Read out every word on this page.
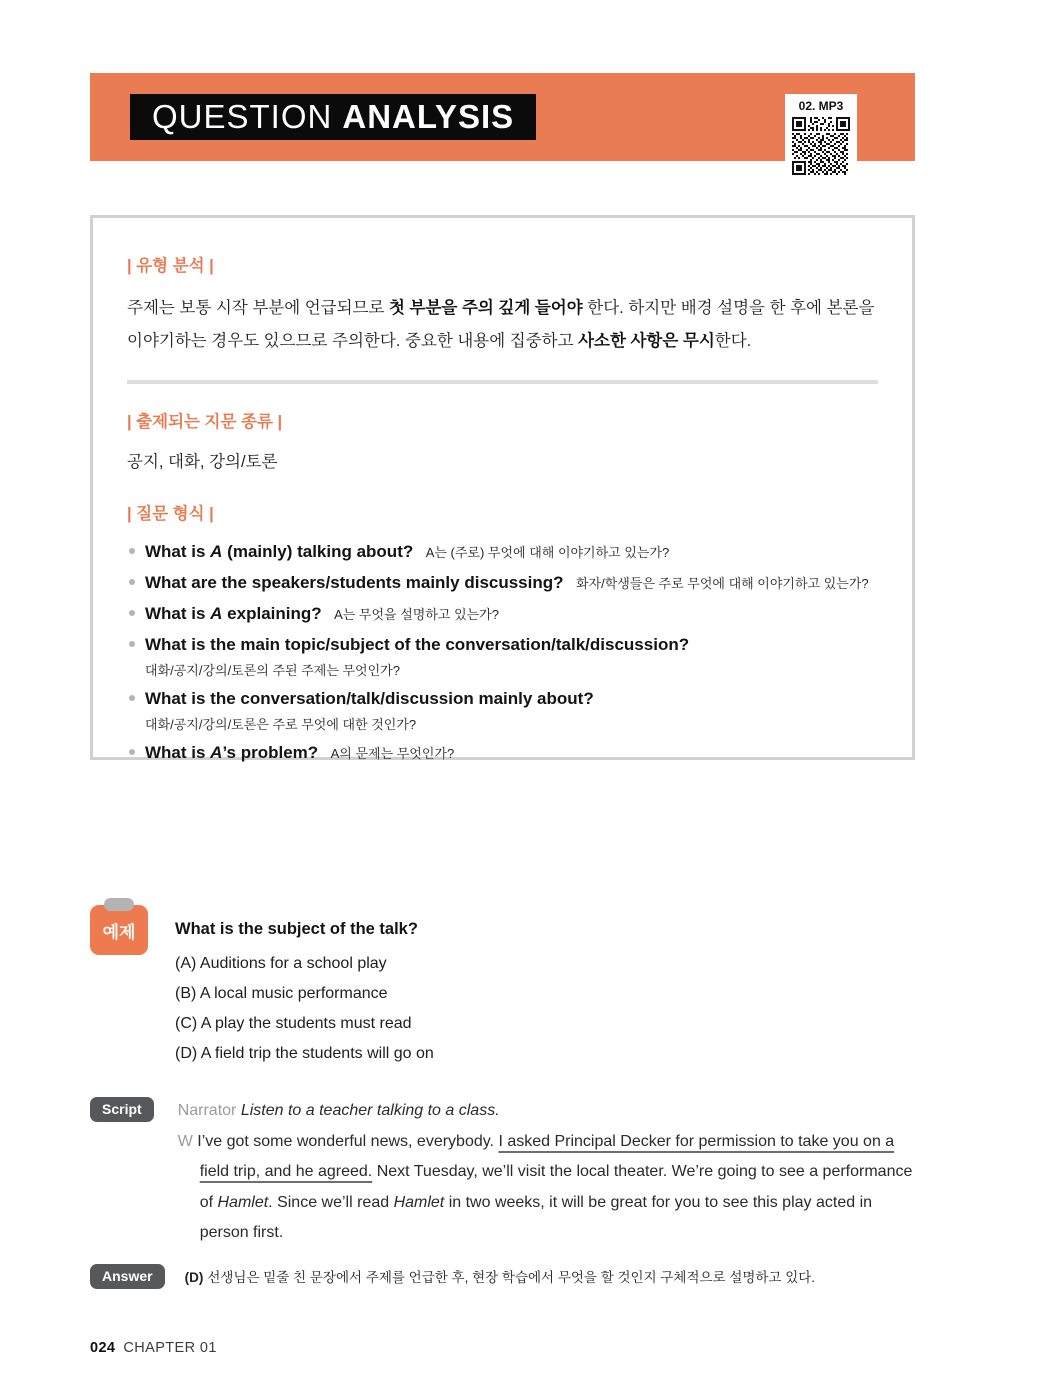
QUESTION ANALYSIS	02. MP3
| 유형 분석 |

주제는 보통 시작 부분에 언급되므로 첫 부분을 주의 깊게 들어야 한다. 하지만 배경 설명을 한 후에 본론을 이야기하는 경우도 있으므로 주의한다. 중요한 내용에 집중하고 사소한 사항은 무시한다.

| 출제되는 지문 종류 |
공지, 대화, 강의/토론
| 질문 형식 |
What is A (mainly) talking about? A는 (주로) 무엇에 대해 이야기하고 있는가?
What are the speakers/students mainly discussing? 화자/학생들은 주로 무엇에 대해 이야기하고 있는가?
What is A explaining? A는 무엇을 설명하고 있는가?
What is the main topic/subject of the conversation/talk/discussion?
대화/공지/강의/토론의 주된 주제는 무엇인가?
What is the conversation/talk/discussion mainly about?
대화/공지/강의/토론은 주로 무엇에 대한 것인가?
What is A’s problem? A의 문제는 무엇인가?
예제 What is the subject of the talk?
(A) Auditions for a school play
(B) A local music performance
(C) A play the students must read
(D) A field trip the students will go on
Script	Narrator Listen to a teacher talking to a class.

W I’ve got some wonderful news, everybody. I asked Principal Decker for permission to take you on a field trip, and he agreed. Next Tuesday, we’ll visit the local theater. We’re going to see a performance of Hamlet. Since we’ll read Hamlet in two weeks, it will be great for you to see this play acted in person first.

Answer	(D) 선생님은 밑줄 친 문장에서 주제를 언급한 후, 현장 학습에서 무엇을 할 것인지 구체적으로 설명하고 있다.
024 CHAPTER 01
